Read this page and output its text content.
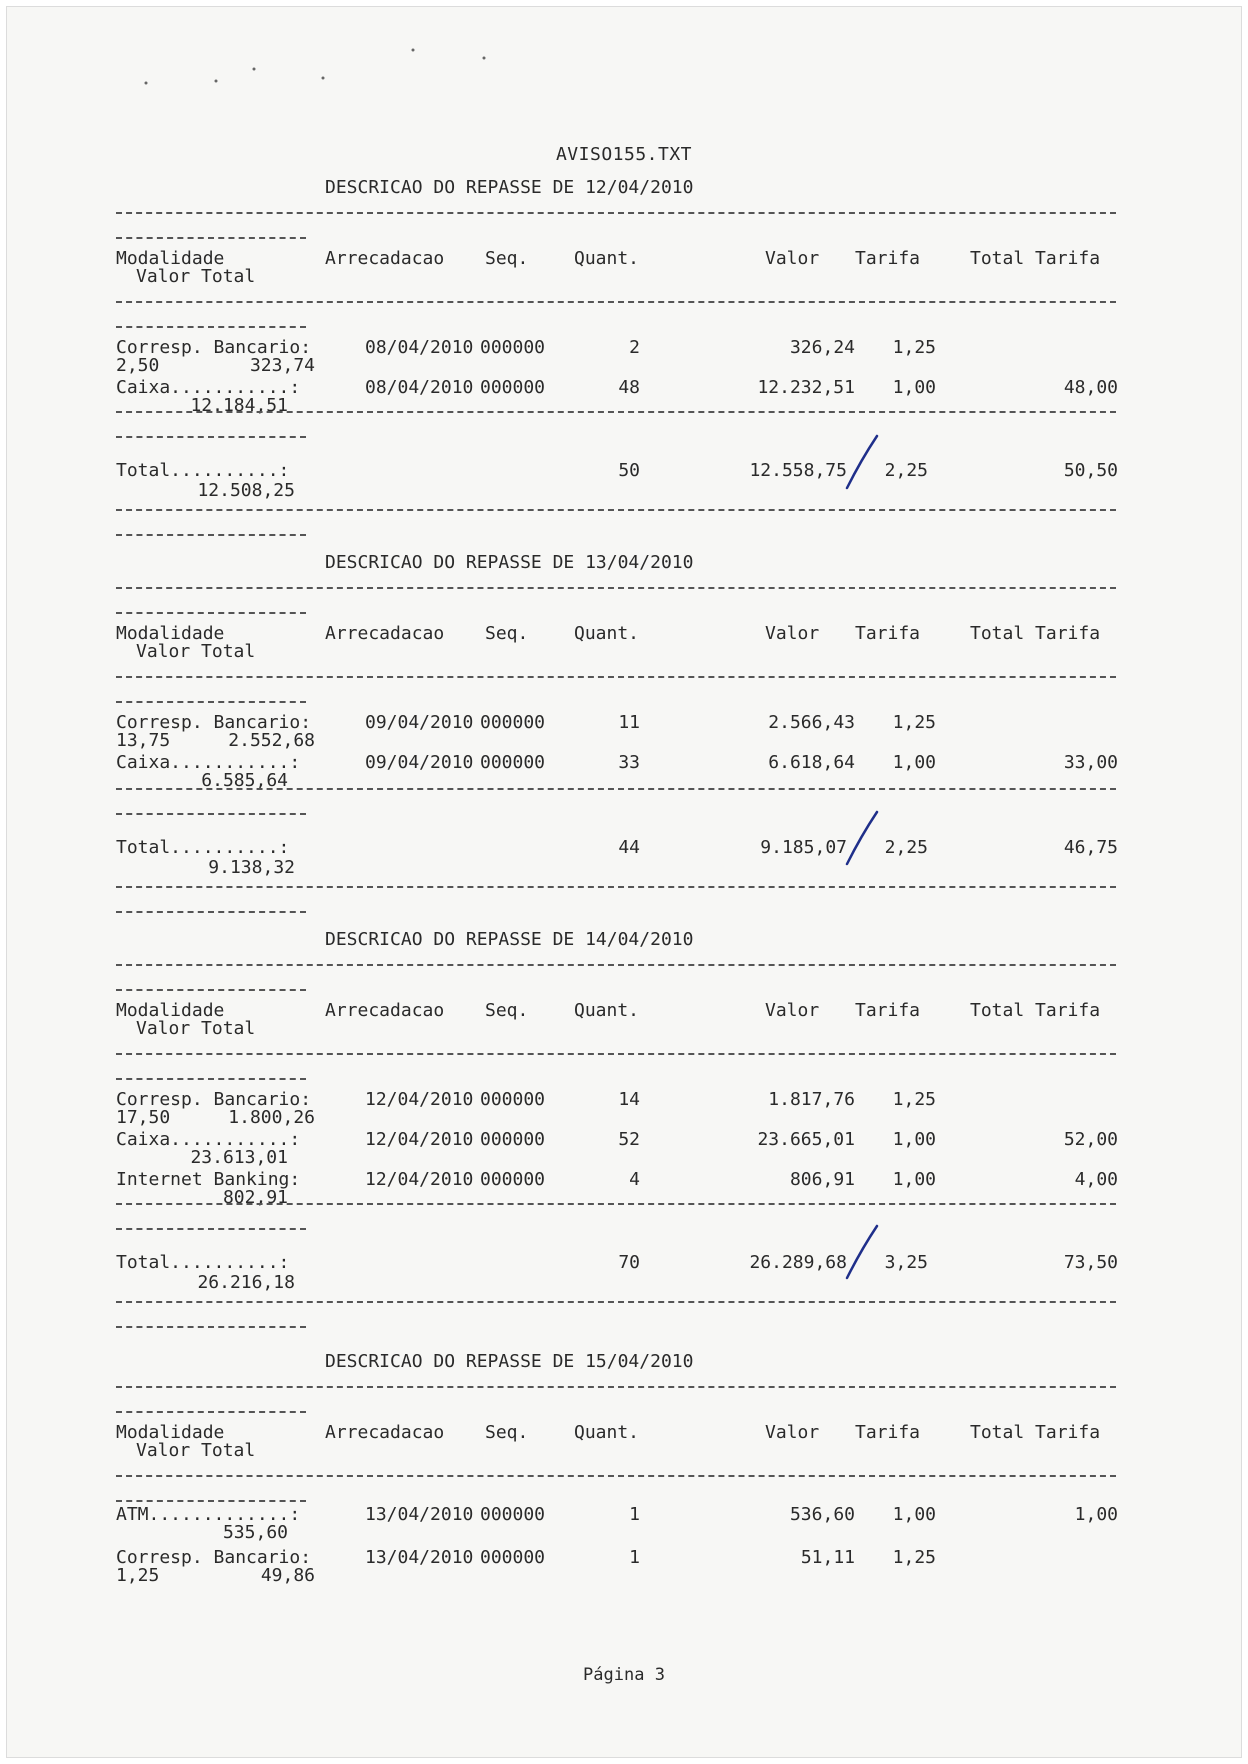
AVISO155.TXT
DESCRICAO DO REPASSE DE 12/04/2010
Modalidade	Arrecadacao Seq.	Quant.	Valor Tarifa	Total Tarifa
Valor Total
Corresp. Bancario:	08/04/2010 000000	2	326,24	1,25
2,50	323,74
Caixa...........:	08/04/2010 000000	48	12.232,51	1,00	48,00
12.184,51
Total..........:	50	12.558,75	2,25	50,50
12.508,25
DESCRICAO DO REPASSE DE 13/04/2010
Modalidade	Arrecadacao Seq.	Quant.	Valor Tarifa	Total Tarifa
Valor Total
Corresp. Bancario:	09/04/2010 000000	11	2.566,43	1,25
13,75	2.552,68
Caixa...........:	09/04/2010 000000	33	6.618,64	1,00	33,00
6.585,64
Total..........:	44	9.185,07	2,25	46,75
9.138,32
DESCRICAO DO REPASSE DE 14/04/2010
Modalidade	Arrecadacao Seq.	Quant.	Valor Tarifa	Total Tarifa
Valor Total
Corresp. Bancario:	12/04/2010 000000	14	1.817,76	1,25
17,50	1.800,26
Caixa...........:	12/04/2010 000000	52	23.665,01	1,00	52,00
23.613,01
Internet Banking:	12/04/2010 000000	4	806,91	1,00	4,00
802,91
Total..........:	70	26.289,68	3,25	73,50
26.216,18
DESCRICAO DO REPASSE DE 15/04/2010
Modalidade	Arrecadacao Seq.	Quant.	Valor Tarifa	Total Tarifa
Valor Total
ATM.............:	13/04/2010 000000	1	536,60	1,00	1,00
535,60
Corresp. Bancario:	13/04/2010 000000	1	51,11	1,25
1,25	49,86
Página 3
